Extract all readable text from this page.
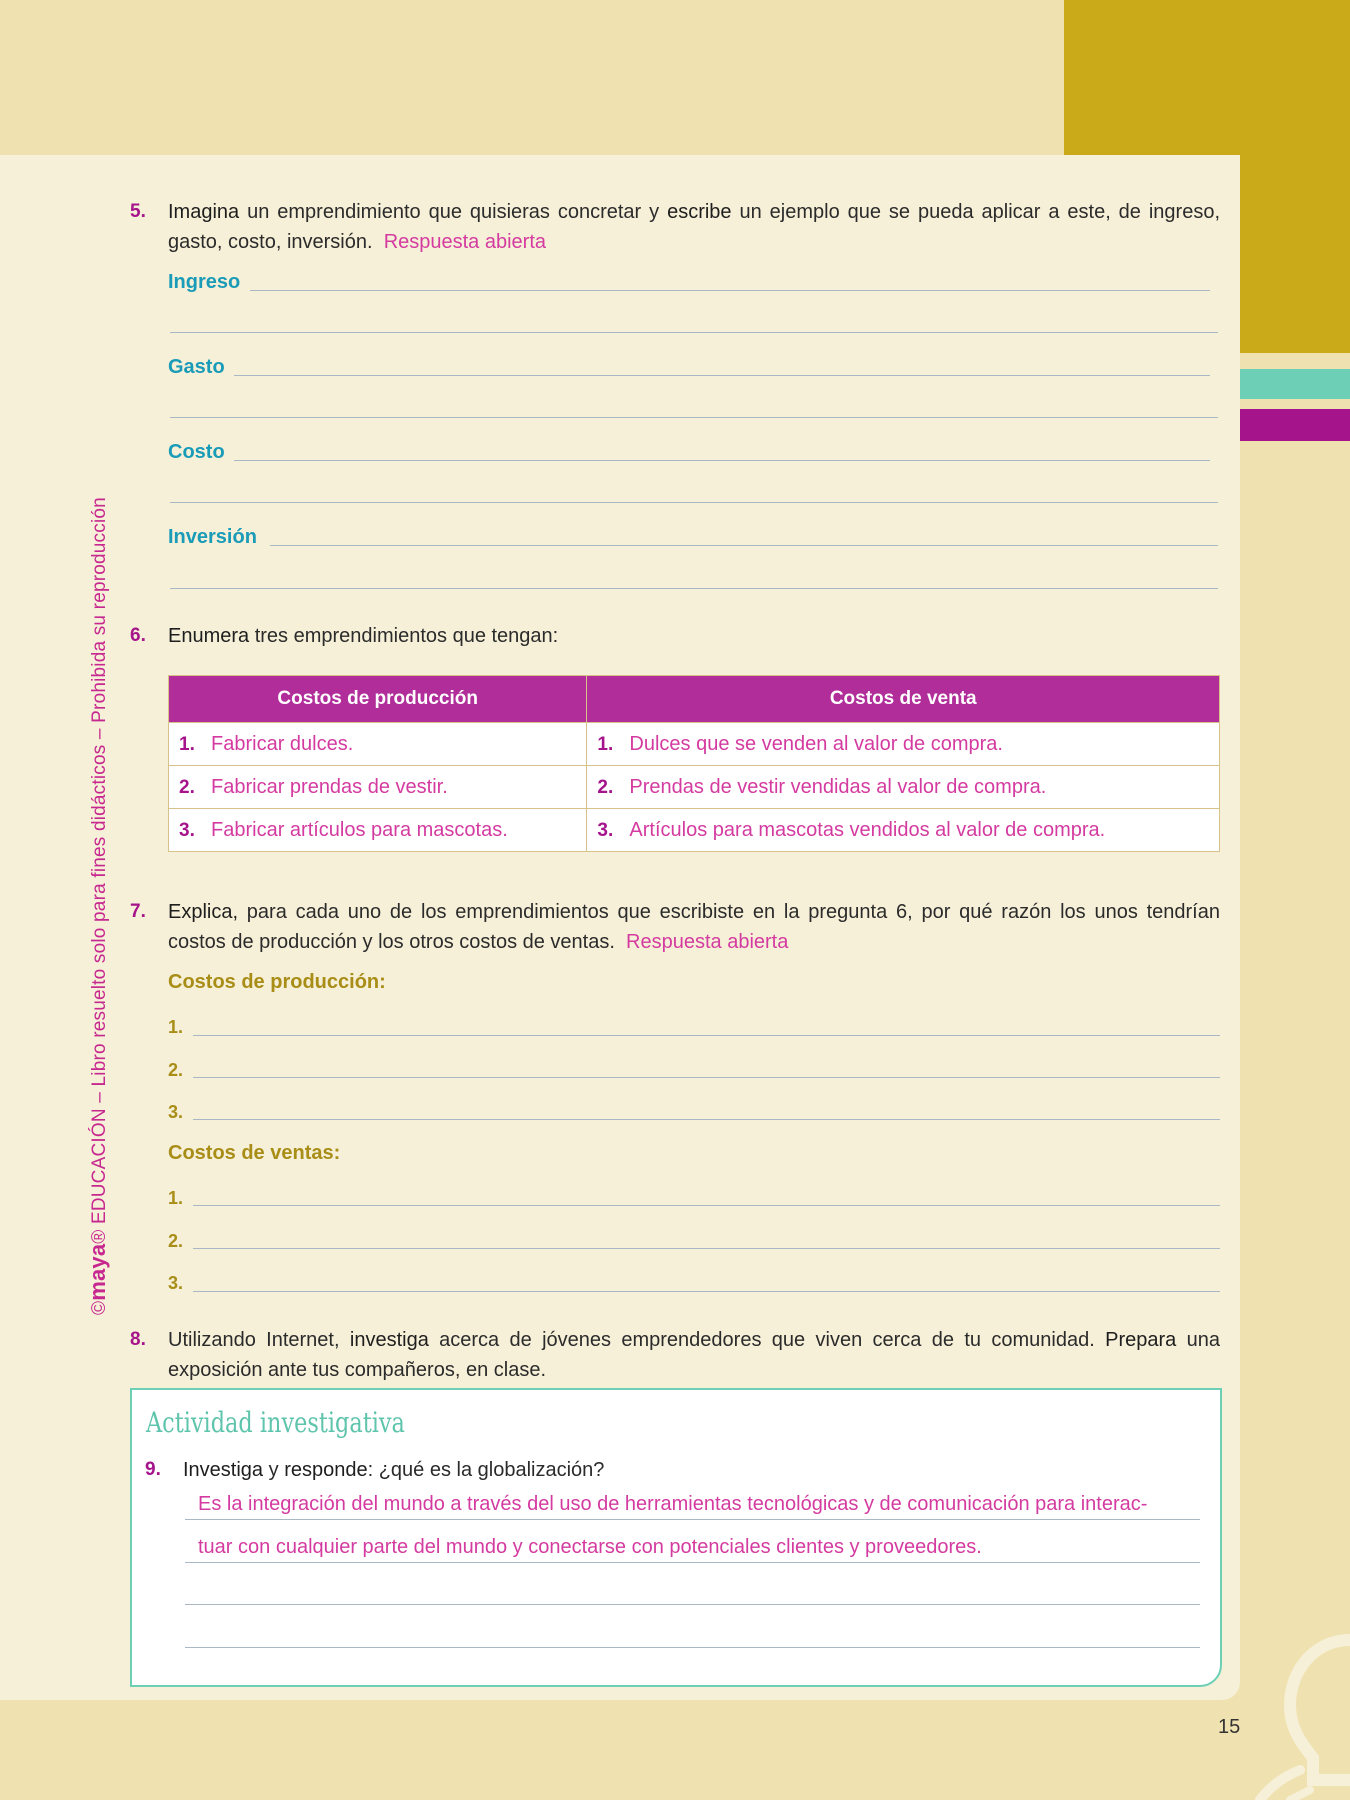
©maya® EDUCACIÓN – Libro resuelto solo para fines didácticos – Prohibida su reproducción
5. Imagina un emprendimiento que quisieras concretar y escribe un ejemplo que se pueda aplicar a este, de ingreso, gasto, costo, inversión. Respuesta abierta
Ingreso
Gasto
Costo
Inversión
6. Enumera tres emprendimientos que tengan:
Costos de producción	Costos de venta
1. Fabricar dulces.	1. Dulces que se venden al valor de compra.
2. Fabricar prendas de vestir.	2. Prendas de vestir vendidas al valor de compra.
3. Fabricar artículos para mascotas.	3. Artículos para mascotas vendidos al valor de compra.
7. Explica, para cada uno de los emprendimientos que escribiste en la pregunta 6, por qué razón los unos tendrían costos de producción y los otros costos de ventas. Respuesta abierta
Costos de producción:
1.
2.
3.
Costos de ventas:
1.
2.
3.
8. Utilizando Internet, investiga acerca de jóvenes emprendedores que viven cerca de tu comunidad. Prepara una exposición ante tus compañeros, en clase.
Actividad investigativa
9. Investiga y responde: ¿qué es la globalización?
Es la integración del mundo a través del uso de herramientas tecnológicas y de comunicación para interac-
tuar con cualquier parte del mundo y conectarse con potenciales clientes y proveedores.
15
